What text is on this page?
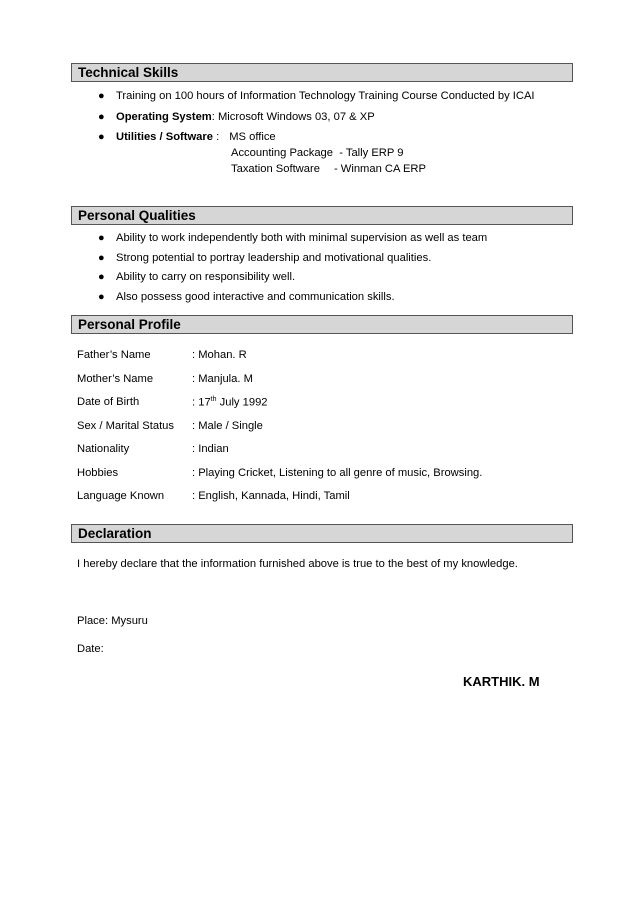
Technical Skills
● Training on 100 hours of Information Technology Training Course Conducted by ICAI
● Operating System: Microsoft Windows 03, 07 & XP
● Utilities / Software : MS office
Accounting Package - Tally ERP 9
Taxation Software - Winman CA ERP
Personal Qualities
● Ability to work independently both with minimal supervision as well as team
● Strong potential to portray leadership and motivational qualities.
● Ability to carry on responsibility well.
● Also possess good interactive and communication skills.
Personal Profile
Father’s Name	: Mohan. R
Mother’s Name	: Manjula. M
Date of Birth	: 17th July 1992
Sex / Marital Status : Male / Single
Nationality	: Indian
Hobbies	: Playing Cricket, Listening to all genre of music, Browsing.
Language Known : English, Kannada, Hindi, Tamil
Declaration
I hereby declare that the information furnished above is true to the best of my knowledge.
Place: Mysuru
Date:
KARTHIK. M
